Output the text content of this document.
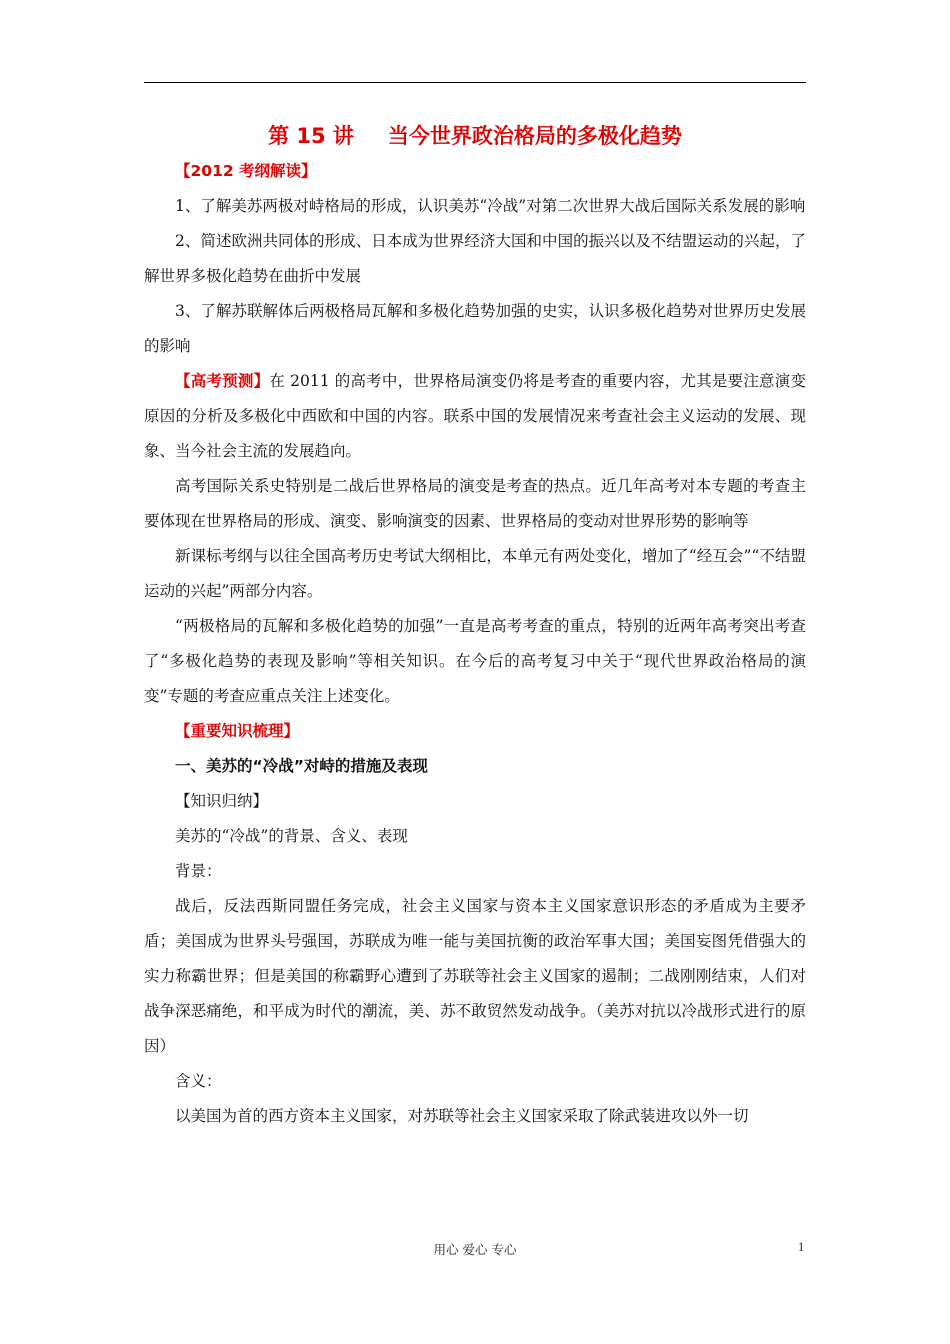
第 15 讲 当今世界政治格局的多极化趋势

【2012 考纲解读】

1、了解美苏两极对峙格局的形成，认识美苏“冷战”对第二次世界大战后国际关系发展的影响

2、简述欧洲共同体的形成、日本成为世界经济大国和中国的振兴以及不结盟运动的兴起，了解世界多极化趋势在曲折中发展

3、了解苏联解体后两极格局瓦解和多极化趋势加强的史实，认识多极化趋势对世界历史发展的影响

【高考预测】在 2011 的高考中，世界格局演变仍将是考查的重要内容，尤其是要注意演变原因的分析及多极化中西欧和中国的内容。联系中国的发展情况来考查社会主义运动的发展、现象、当今社会主流的发展趋向。

高考国际关系史特别是二战后世界格局的演变是考查的热点。近几年高考对本专题的考查主要体现在世界格局的形成、演变、影响演变的因素、世界格局的变动对世界形势的影响等

新课标考纲与以往全国高考历史考试大纲相比，本单元有两处变化，增加了“经互会”“不结盟运动的兴起”两部分内容。

“两极格局的瓦解和多极化趋势的加强”一直是高考考查的重点，特别的近两年高考突出考查了“多极化趋势的表现及影响”等相关知识。在今后的高考复习中关于“现代世界政治格局的演变”专题的考查应重点关注上述变化。

【重要知识梳理】

一、美苏的“冷战”对峙的措施及表现

【知识归纳】

美苏的“冷战”的背景、含义、表现

背景：

战后，反法西斯同盟任务完成，社会主义国家与资本主义国家意识形态的矛盾成为主要矛盾；美国成为世界头号强国，苏联成为唯一能与美国抗衡的政治军事大国；美国妄图凭借强大的实力称霸世界；但是美国的称霸野心遭到了苏联等社会主义国家的遏制；二战刚刚结束，人们对战争深恶痛绝，和平成为时代的潮流，美、苏不敢贸然发动战争。（美苏对抗以冷战形式进行的原因）

含义：

以美国为首的西方资本主义国家，对苏联等社会主义国家采取了除武装进攻以外一切

用心 爱心 专心	1
